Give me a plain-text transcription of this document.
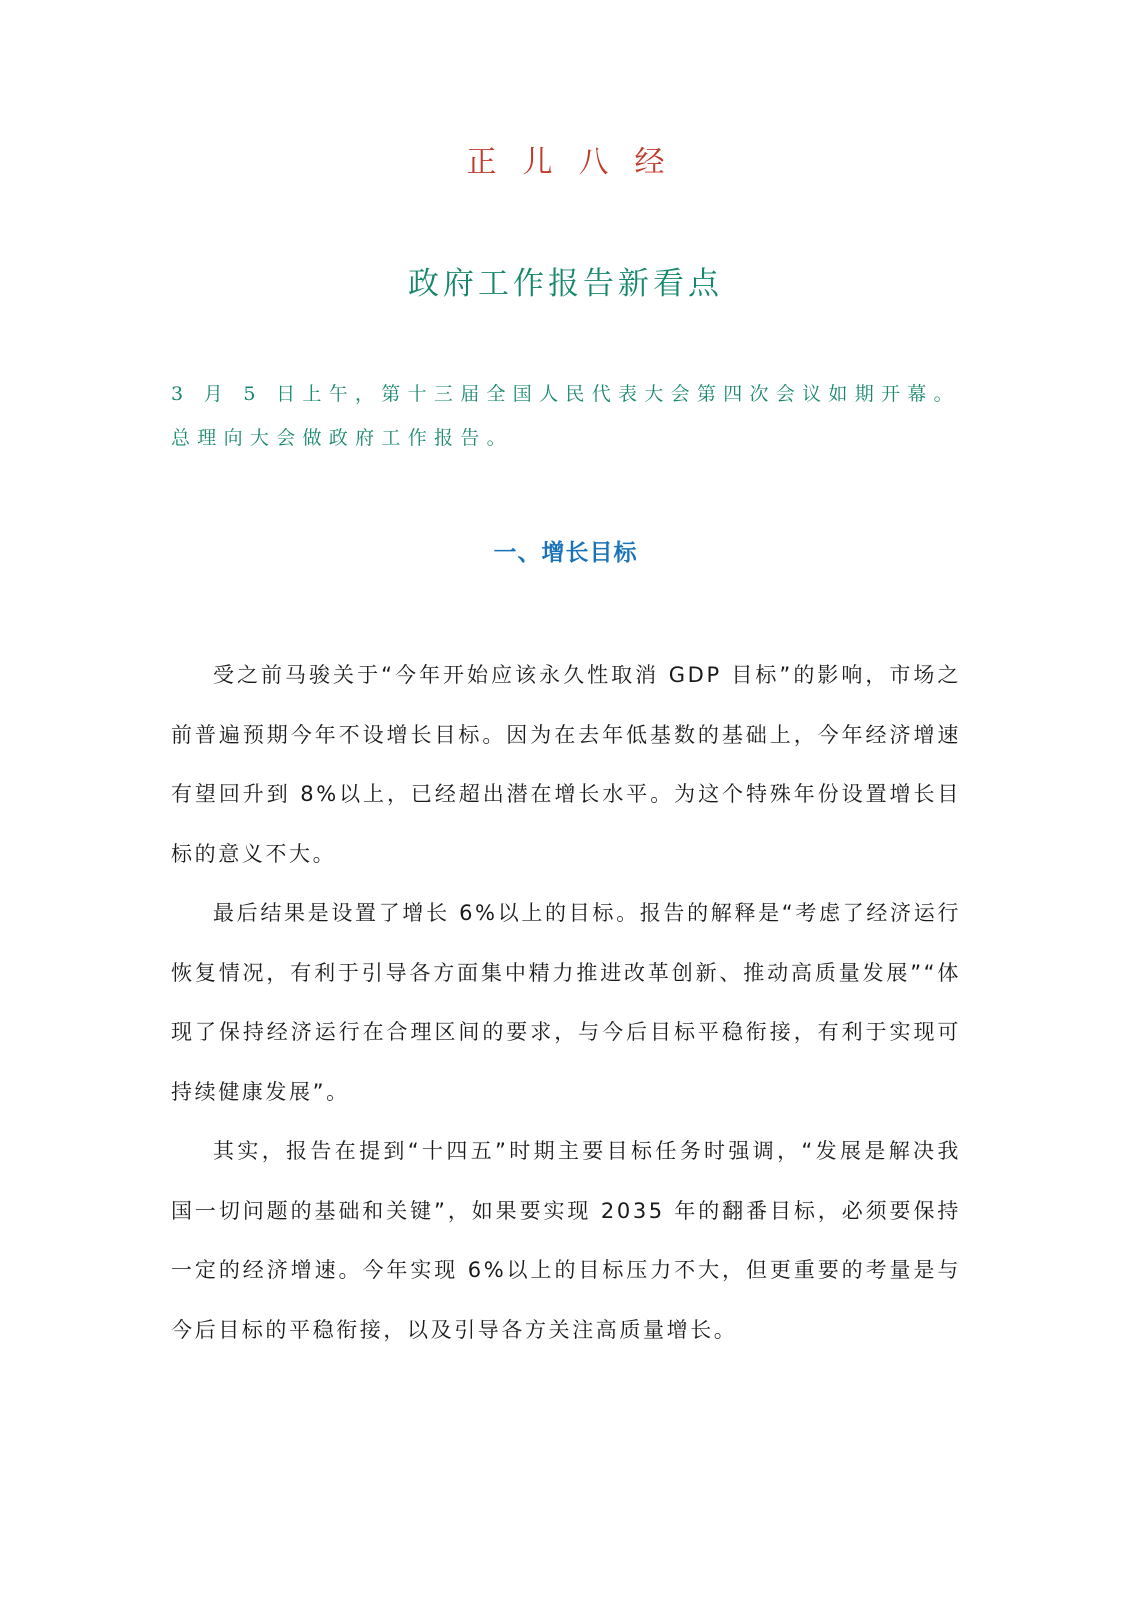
正儿八经
政府工作报告新看点

3 月 5 日上午，第十三届全国人民代表大会第四次会议如期开幕。总理向大会做政府工作报告。

一、增长目标

受之前马骏关于“今年开始应该永久性取消 GDP 目标”的影响，市场之前普遍预期今年不设增长目标。因为在去年低基数的基础上，今年经济增速有望回升到 8%以上，已经超出潜在增长水平。为这个特殊年份设置增长目标的意义不大。

最后结果是设置了增长 6%以上的目标。报告的解释是“考虑了经济运行恢复情况，有利于引导各方面集中精力推进改革创新、推动高质量发展”“体现了保持经济运行在合理区间的要求，与今后目标平稳衔接，有利于实现可持续健康发展”。

其实，报告在提到“十四五”时期主要目标任务时强调，“发展是解决我国一切问题的基础和关键”，如果要实现 2035 年的翻番目标，必须要保持一定的经济增速。今年实现 6%以上的目标压力不大，但更重要的考量是与今后目标的平稳衔接，以及引导各方关注高质量增长。
